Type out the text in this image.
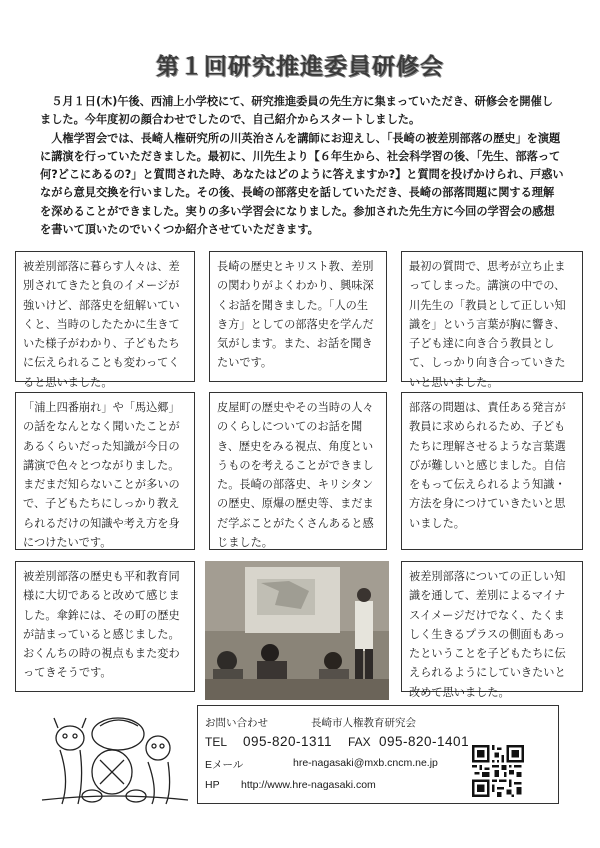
第１回研究推進委員研修会

５月１日(木)午後、西浦上小学校にて、研究推進委員の先生方に集まっていただき、研修会を開催しました。今年度初の顔合わせでしたので、自己紹介からスタートしました。

人権学習会では、長崎人権研究所の川英治さんを講師にお迎えし、「長崎の被差別部落の歴史」を演題に講演を行っていただきました。最初に、川先生より【６年生から、社会科学習の後、「先生、部落って何?どこにあるの?」と質問された時、あなたはどのように答えますか?】と質問を投げかけられ、戸惑いながら意見交換を行いました。その後、長崎の部落史を話していただき、長崎の部落問題に関する理解を深めることができました。実りの多い学習会になりました。参加された先生方に今回の学習会の感想を書いて頂いたのでいくつか紹介させていただきます。

被差別部落に暮らす人々は、差別されてきたと負のイメージが強いけど、部落史を紐解いていくと、当時のしたたかに生きていた様子がわかり、子どもたちに伝えられることも変わってくると思いました。
長崎の歴史とキリスト教、差別の関わりがよくわかり、興味深くお話を聞きました。「人の生き方」としての部落史を学んだ気がします。また、お話を聞きたいです。
最初の質問で、思考が立ち止まってしまった。講演の中での、川先生の「教員として正しい知識を」という言葉が胸に響き、子ども達に向き合う教員として、しっかり向き合っていきたいと思いました。
「浦上四番崩れ」や「馬込郷」の話をなんとなく聞いたことがあるくらいだった知識が今日の講演で色々とつながりました。まだまだ知らないことが多いので、子どもたちにしっかり教えられるだけの知識や考え方を身につけたいです。
皮屋町の歴史やその当時の人々のくらしについてのお話を聞き、歴史をみる視点、角度というものを考えることができました。長崎の部落史、キリシタンの歴史、原爆の歴史等、まだまだ学ぶことがたくさんあると感じました。
部落の問題は、責任ある発言が教員に求められるため、子どもたちに理解させるような言葉選びが難しいと感じました。自信をもって伝えられるよう知識・方法を身につけていきたいと思いました。
被差別部落の歴史も平和教育同様に大切であると改めて感じました。傘鉾には、その町の歴史が詰まっていると感じました。おくんちの時の視点もまた変わってきそうです。
被差別部落についての正しい知識を通して、差別によるマイナスイメージだけでなく、たくましく生きるプラスの側面もあったということを子どもたちに伝えられるようにしていきたいと改めて思いました。
お問い合わせ	長崎市人権教育研究会
TEL 095-820-1311 FAX 095-820-1401
Eメール	hre-nagasaki@mxb.cncm.ne.jp
HP http://www.hre-nagasaki.com
